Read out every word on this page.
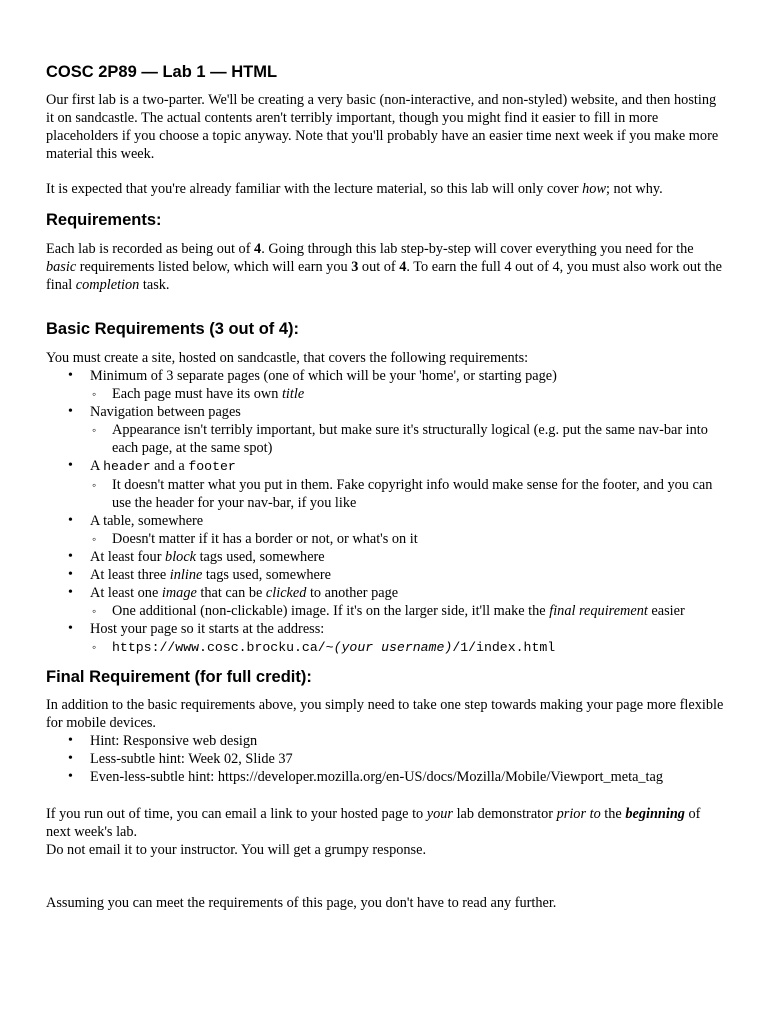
COSC 2P89 — Lab 1 — HTML

Our first lab is a two-parter. We'll be creating a very basic (non-interactive, and non-styled) website, and then hosting it on sandcastle. The actual contents aren't terribly important, though you might find it easier to fill in more placeholders if you choose a topic anyway. Note that you'll probably have an easier time next week if you make more material this week.

It is expected that you're already familiar with the lecture material, so this lab will only cover how; not why.

Requirements:

Each lab is recorded as being out of 4. Going through this lab step-by-step will cover everything you need for the basic requirements listed below, which will earn you 3 out of 4. To earn the full 4 out of 4, you must also work out the final completion task.

Basic Requirements (3 out of 4):

You must create a site, hosted on sandcastle, that covers the following requirements:

• Minimum of 3 separate pages (one of which will be your 'home', or starting page)
◦ Each page must have its own title
• Navigation between pages
◦ Appearance isn't terribly important, but make sure it's structurally logical (e.g. put the same nav-bar into each page, at the same spot)
• A header and a footer
◦ It doesn't matter what you put in them. Fake copyright info would make sense for the footer, and you can use the header for your nav-bar, if you like
• A table, somewhere
◦ Doesn't matter if it has a border or not, or what's on it
• At least four block tags used, somewhere
• At least three inline tags used, somewhere
• At least one image that can be clicked to another page
◦ One additional (non-clickable) image. If it's on the larger side, it'll make the final requirement easier
• Host your page so it starts at the address:
◦ https://www.cosc.brocku.ca/~(your username)/1/index.html
Final Requirement (for full credit):

In addition to the basic requirements above, you simply need to take one step towards making your page more flexible for mobile devices.

• Hint: Responsive web design
• Less-subtle hint: Week 02, Slide 37
• Even-less-subtle hint: https://developer.mozilla.org/en-US/docs/Mozilla/Mobile/Viewport_meta_tag

If you run out of time, you can email a link to your hosted page to your lab demonstrator prior to the beginning of next week's lab.
Do not email it to your instructor. You will get a grumpy response.

Assuming you can meet the requirements of this page, you don't have to read any further.
